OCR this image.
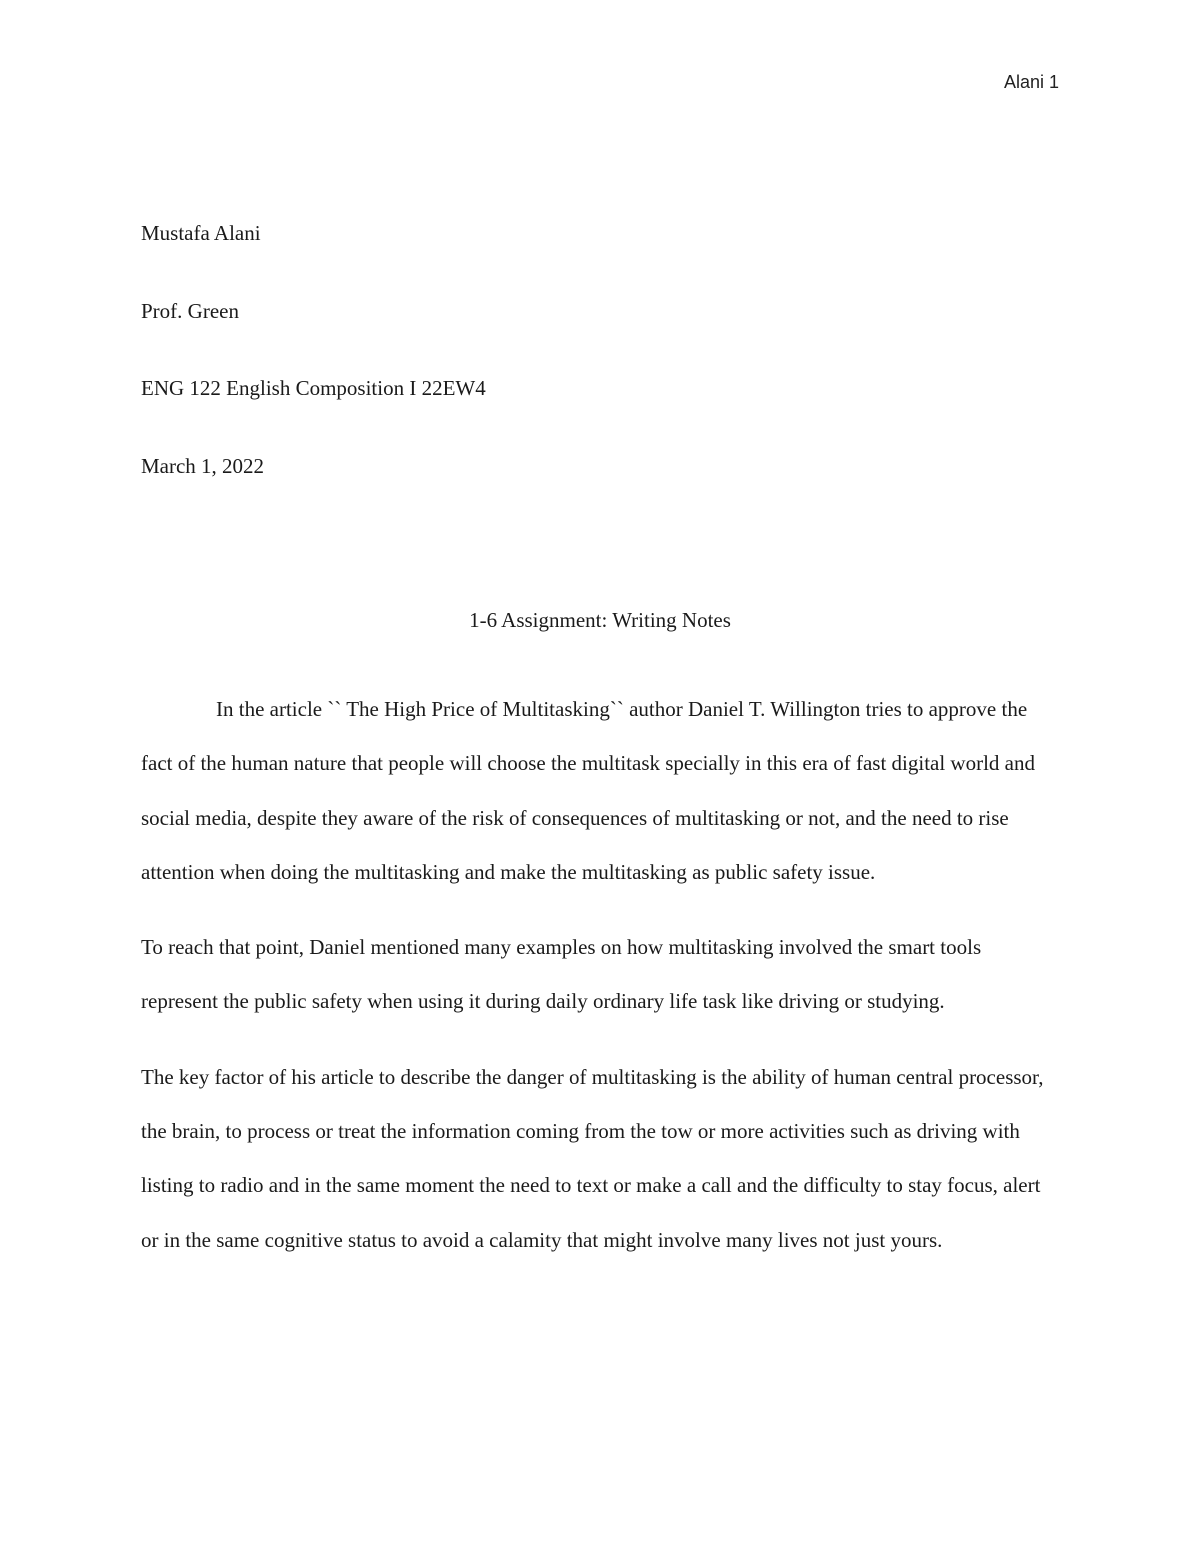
Alani 1

Mustafa Alani

Prof. Green

ENG 122 English Composition I 22EW4

March 1, 2022

1-6 Assignment: Writing Notes

In the article `` The High Price of Multitasking`` author Daniel T. Willington tries to approve the fact of the human nature that people will choose the multitask specially in this era of fast digital world and social media, despite they aware of the risk of consequences of multitasking or not, and the need to rise attention when doing the multitasking and make the multitasking as public safety issue.

To reach that point, Daniel mentioned many examples on how multitasking involved the smart tools represent the public safety when using it during daily ordinary life task like driving or studying.

The key factor of his article to describe the danger of multitasking is the ability of human central processor, the brain, to process or treat the information coming from the tow or more activities such as driving with listing to radio and in the same moment the need to text or make a call and the difficulty to stay focus, alert or in the same cognitive status to avoid a calamity that might involve many lives not just yours.
